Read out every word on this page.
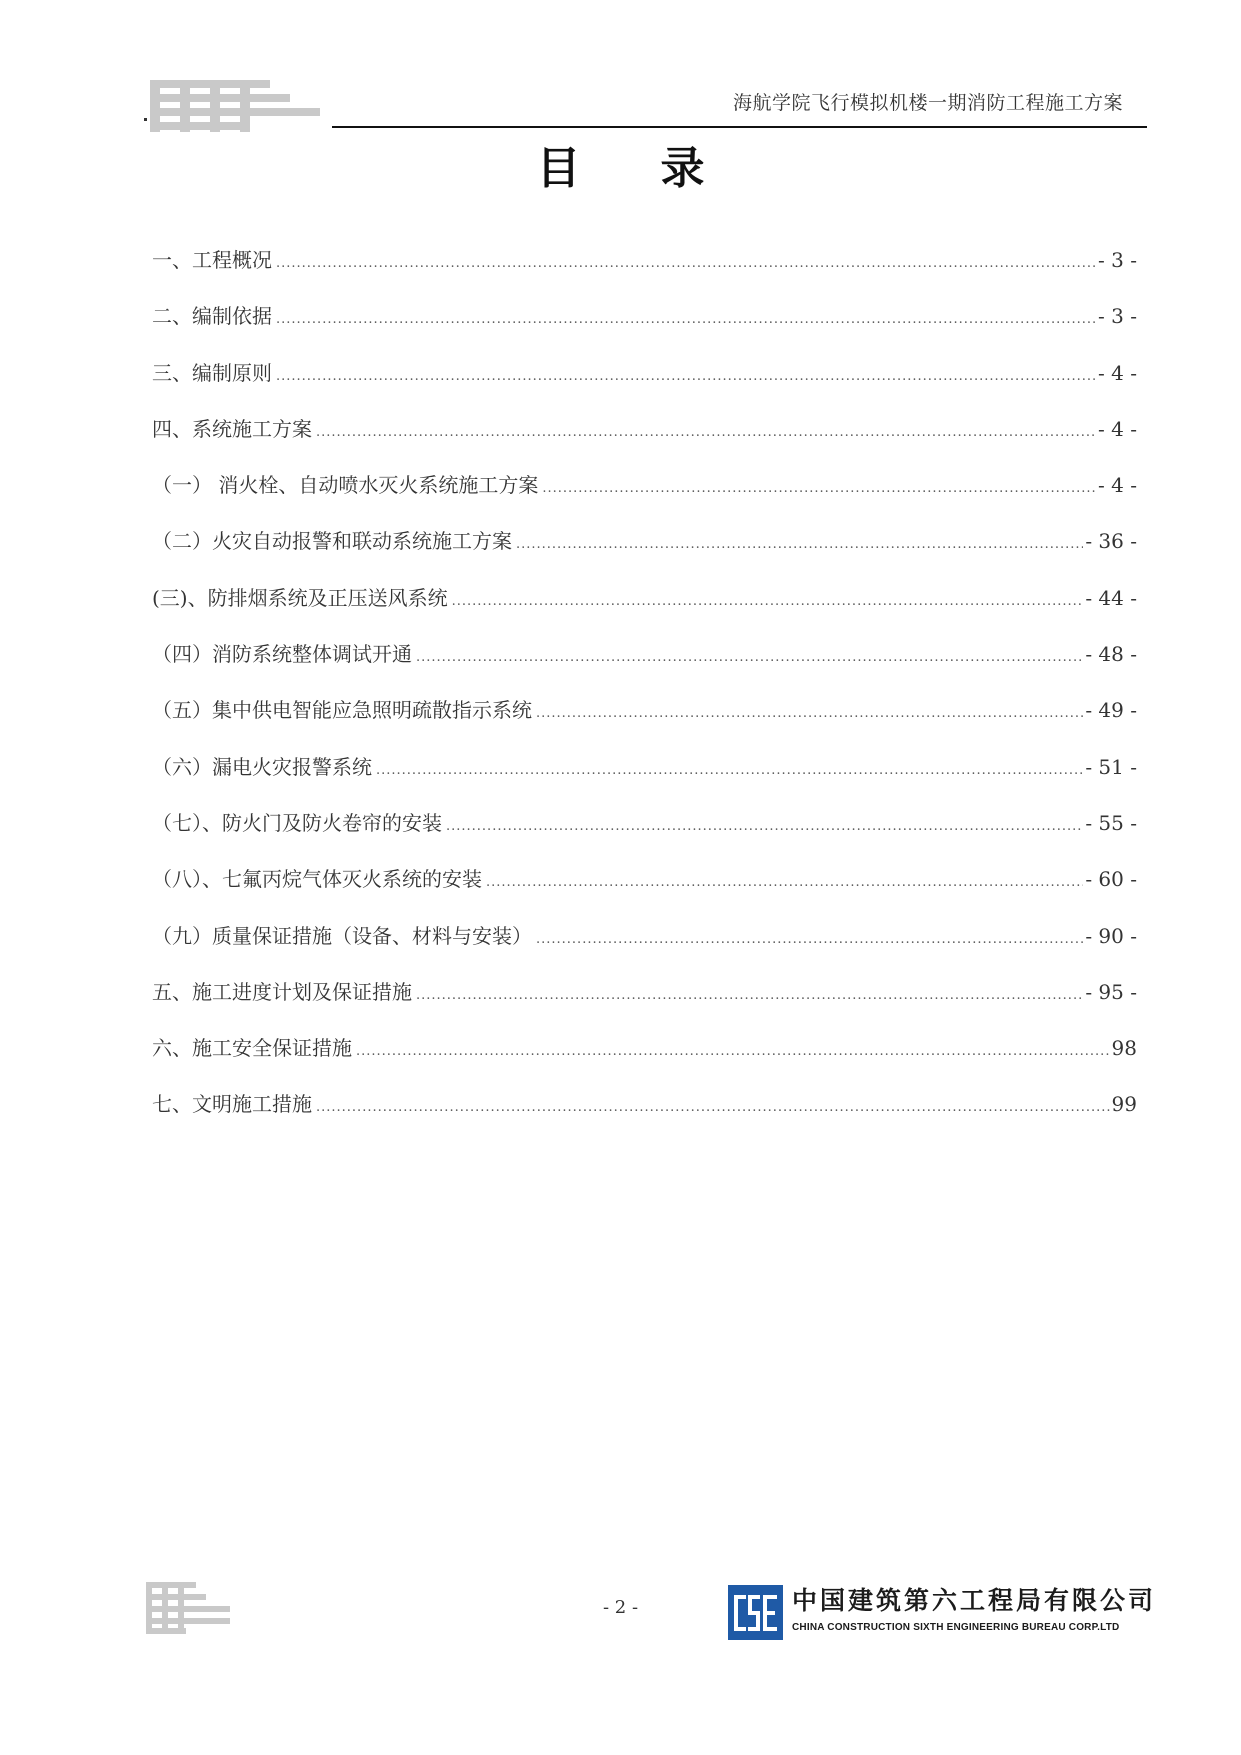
海航学院飞行模拟机楼一期消防工程施工方案
目录
一、工程概况 .....	- 3 -
二、编制依据 .....	- 3 -
三、编制原则 .....	- 4 -
四、系统施工方案 .....	- 4 -
（一） 消火栓、自动喷水灭火系统施工方案 .....	- 4 -
（二）火灾自动报警和联动系统施工方案 .....	- 36 -
(三)、防排烟系统及正压送风系统 .....	- 44 -
（四）消防系统整体调试开通 .....	- 48 -
（五）集中供电智能应急照明疏散指示系统 .....	- 49 -
（六）漏电火灾报警系统 .....	- 51 -
（七）、防火门及防火卷帘的安装 .....	- 55 -
（八）、七氟丙烷气体灭火系统的安装 .....	- 60 -
（九）质量保证措施（设备、材料与安装） .....	- 90 -
五、施工进度计划及保证措施 .....	- 95 -
六、施工安全保证措施 .....	98
七、文明施工措施 .....	99
- 2 -	中国建筑第六工程局有限公司
CHINA CONSTRUCTION SIXTH ENGINEERING BUREAU CORP.LTD
